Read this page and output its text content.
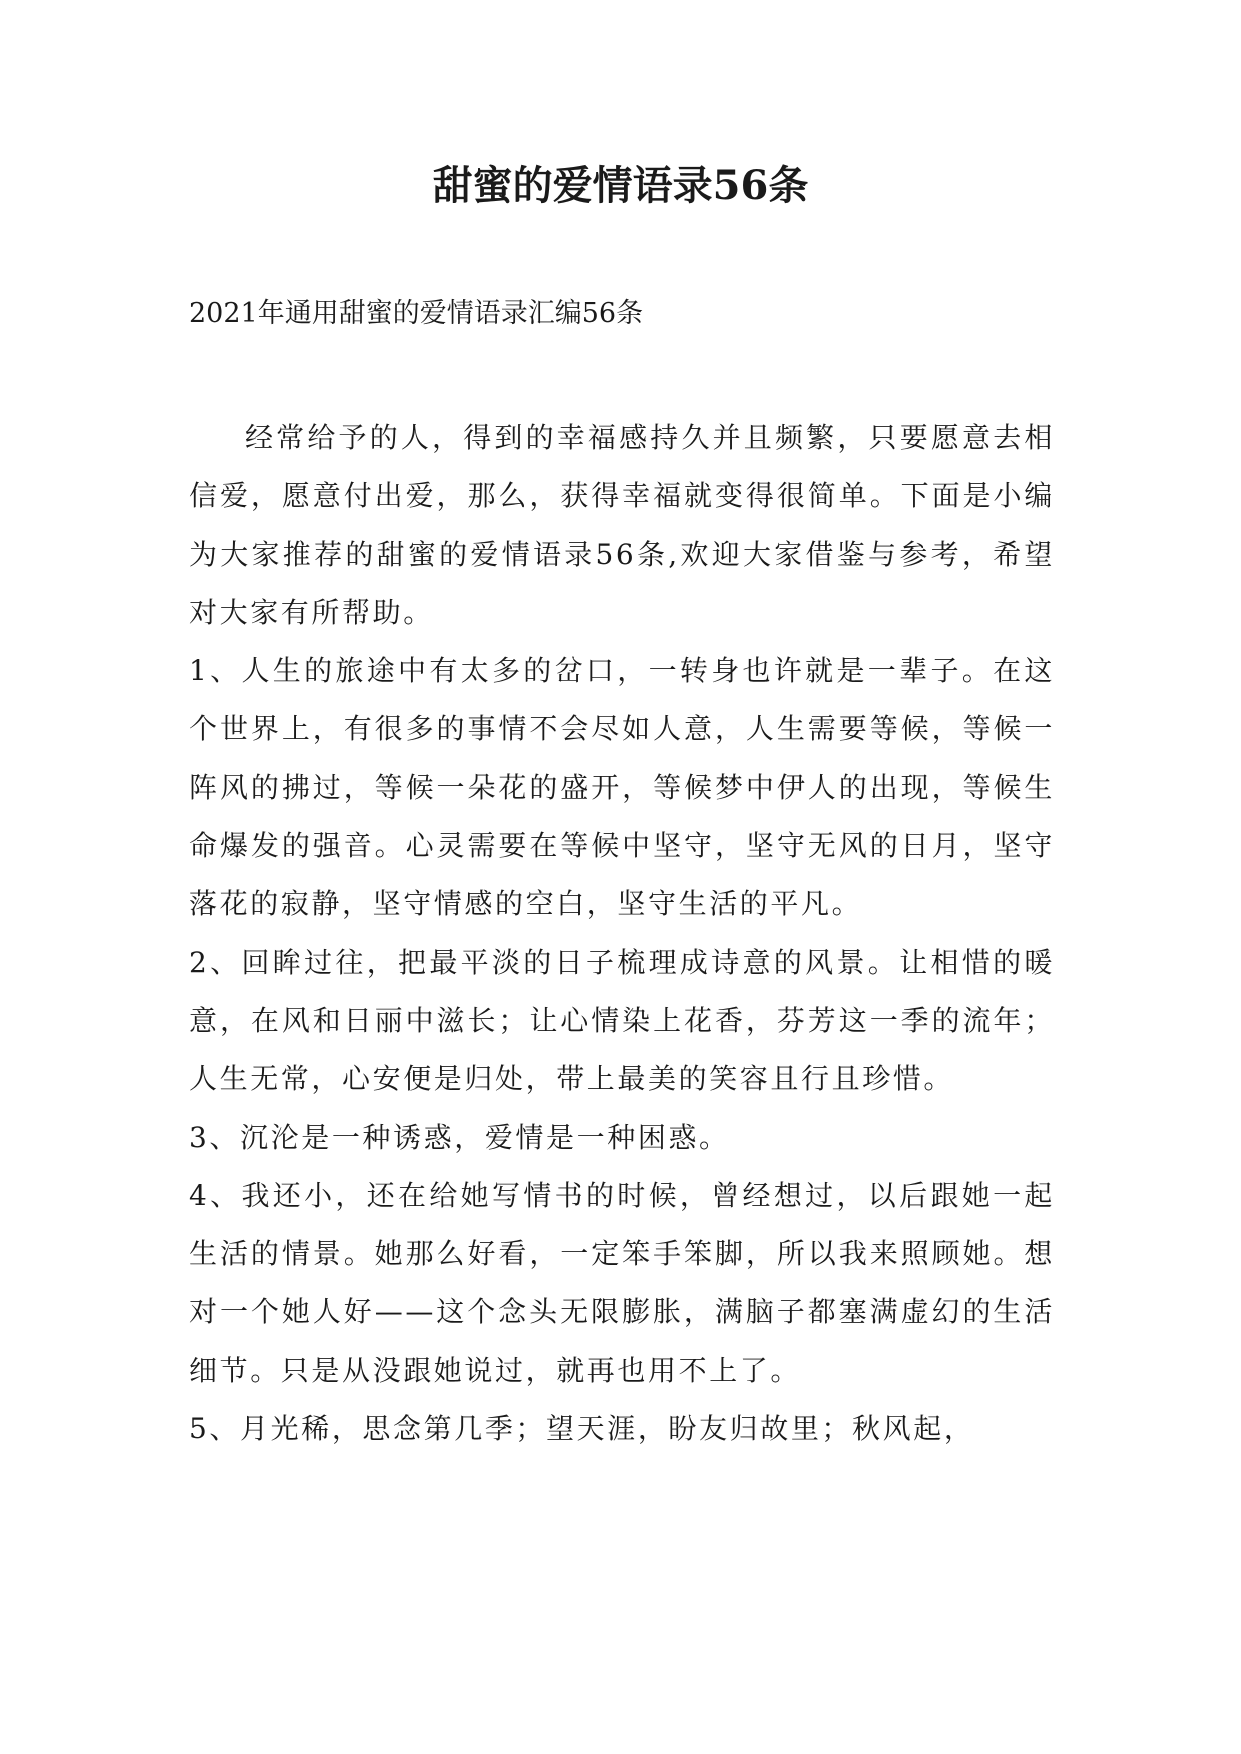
甜蜜的爱情语录56条

2021年通用甜蜜的爱情语录汇编56条

经常给予的人，得到的幸福感持久并且频繁，只要愿意去相信爱，愿意付出爱，那么，获得幸福就变得很简单。下面是小编为大家推荐的甜蜜的爱情语录56条,欢迎大家借鉴与参考，希望对大家有所帮助。

1、人生的旅途中有太多的岔口，一转身也许就是一辈子。在这个世界上，有很多的事情不会尽如人意，人生需要等候，等候一阵风的拂过，等候一朵花的盛开，等候梦中伊人的出现，等候生命爆发的强音。心灵需要在等候中坚守，坚守无风的日月，坚守落花的寂静，坚守情感的空白，坚守生活的平凡。

2、回眸过往，把最平淡的日子梳理成诗意的风景。让相惜的暖意，在风和日丽中滋长；让心情染上花香，芬芳这一季的流年；人生无常，心安便是归处，带上最美的笑容且行且珍惜。

3、沉沦是一种诱惑，爱情是一种困惑。

4、我还小，还在给她写情书的时候，曾经想过，以后跟她一起生活的情景。她那么好看，一定笨手笨脚，所以我来照顾她。想对一个她人好——这个念头无限膨胀，满脑子都塞满虚幻的生活细节。只是从没跟她说过，就再也用不上了。

5、月光稀，思念第几季；望天涯，盼友归故里；秋风起，
